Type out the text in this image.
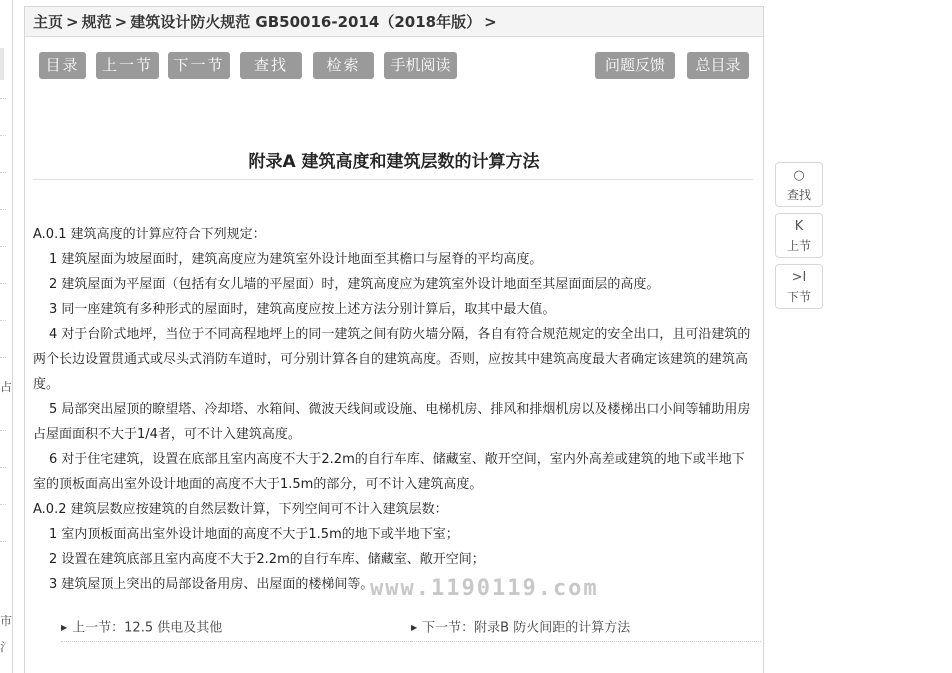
占
市
氵
主页 > 规范 > 建筑设计防火规范 GB50016-2014（2018年版） >
目录	上一节	下一节	查找	检索	手机阅读	问题反馈	总目录
附录A 建筑高度和建筑层数的计算方法

A.0.1 建筑高度的计算应符合下列规定：

1 建筑屋面为坡屋面时，建筑高度应为建筑室外设计地面至其檐口与屋脊的平均高度。

2 建筑屋面为平屋面（包括有女儿墙的平屋面）时，建筑高度应为建筑室外设计地面至其屋面面层的高度。

3 同一座建筑有多种形式的屋面时，建筑高度应按上述方法分别计算后，取其中最大值。

4 对于台阶式地坪，当位于不同高程地坪上的同一建筑之间有防火墙分隔，各自有符合规范规定的安全出口，且可沿建筑的两个长边设置贯通式或尽头式消防车道时，可分别计算各自的建筑高度。否则，应按其中建筑高度最大者确定该建筑的建筑高度。

5 局部突出屋顶的瞭望塔、冷却塔、水箱间、微波天线间或设施、电梯机房、排风和排烟机房以及楼梯出口小间等辅助用房占屋面面积不大于1/4者，可不计入建筑高度。

6 对于住宅建筑，设置在底部且室内高度不大于2.2m的自行车库、储藏室、敞开空间，室内外高差或建筑的地下或半地下室的顶板面高出室外设计地面的高度不大于1.5m的部分，可不计入建筑高度。

A.0.2 建筑层数应按建筑的自然层数计算，下列空间可不计入建筑层数：

1 室内顶板面高出室外设计地面的高度不大于1.5m的地下或半地下室；

2 设置在建筑底部且室内高度不大于2.2m的自行车库、储藏室、敞开空间；

3 建筑屋顶上突出的局部设备用房、出屋面的楼梯间等。

www.1190119.com
▶ 上一节：12.5 供电及其他	▶ 下一节：附录B 防火间距的计算方法
○
查找
K
上节
>I
下节
